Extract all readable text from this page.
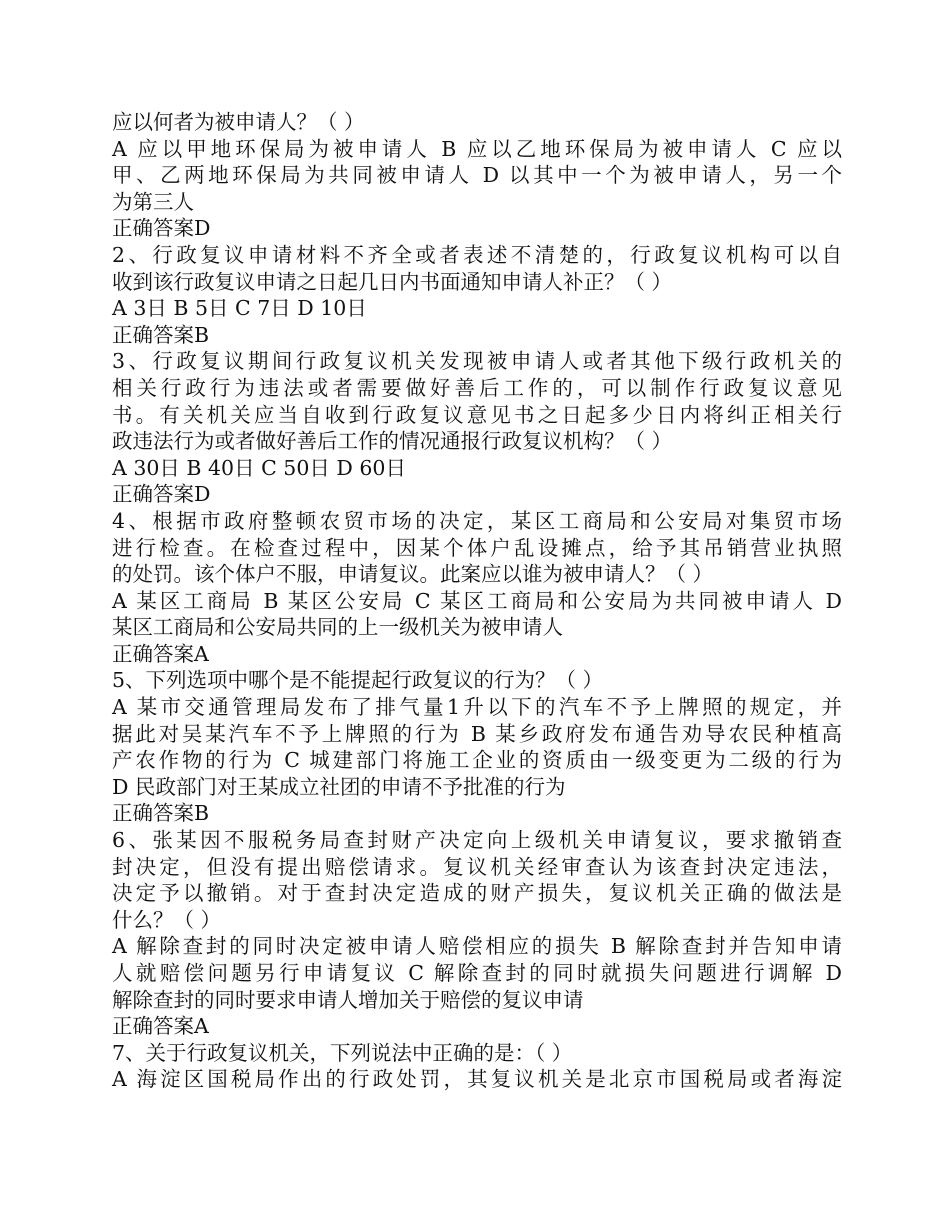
应以何者为被申请人？（ ）
A 应以甲地环保局为被申请人 B 应以乙地环保局为被申请人 C 应以
甲、乙两地环保局为共同被申请人 D 以其中一个为被申请人，另一个
为第三人
正确答案D
2、行政复议申请材料不齐全或者表述不清楚的，行政复议机构可以自
收到该行政复议申请之日起几日内书面通知申请人补正？（ ）
A 3日 B 5日 C 7日 D 10日
正确答案B
3、行政复议期间行政复议机关发现被申请人或者其他下级行政机关的
相关行政行为违法或者需要做好善后工作的，可以制作行政复议意见
书。有关机关应当自收到行政复议意见书之日起多少日内将纠正相关行
政违法行为或者做好善后工作的情况通报行政复议机构？（ ）
A 30日 B 40日 C 50日 D 60日
正确答案D
4、根据市政府整顿农贸市场的决定，某区工商局和公安局对集贸市场
进行检查。在检查过程中，因某个体户乱设摊点，给予其吊销营业执照
的处罚。该个体户不服，申请复议。此案应以谁为被申请人？（ ）
A 某区工商局 B 某区公安局 C 某区工商局和公安局为共同被申请人 D
某区工商局和公安局共同的上一级机关为被申请人
正确答案A
5、下列选项中哪个是不能提起行政复议的行为？（ ）
A 某市交通管理局发布了排气量1升以下的汽车不予上牌照的规定，并
据此对吴某汽车不予上牌照的行为 B 某乡政府发布通告劝导农民种植高
产农作物的行为 C 城建部门将施工企业的资质由一级变更为二级的行为
D 民政部门对王某成立社团的申请不予批准的行为
正确答案B
6、张某因不服税务局查封财产决定向上级机关申请复议，要求撤销查
封决定，但没有提出赔偿请求。复议机关经审查认为该查封决定违法，
决定予以撤销。对于查封决定造成的财产损失，复议机关正确的做法是
什么？（ ）
A 解除查封的同时决定被申请人赔偿相应的损失 B 解除查封并告知申请
人就赔偿问题另行申请复议 C 解除查封的同时就损失问题进行调解 D
解除查封的同时要求申请人增加关于赔偿的复议申请
正确答案A
7、关于行政复议机关，下列说法中正确的是：（ ）
A 海淀区国税局作出的行政处罚，其复议机关是北京市国税局或者海淀
